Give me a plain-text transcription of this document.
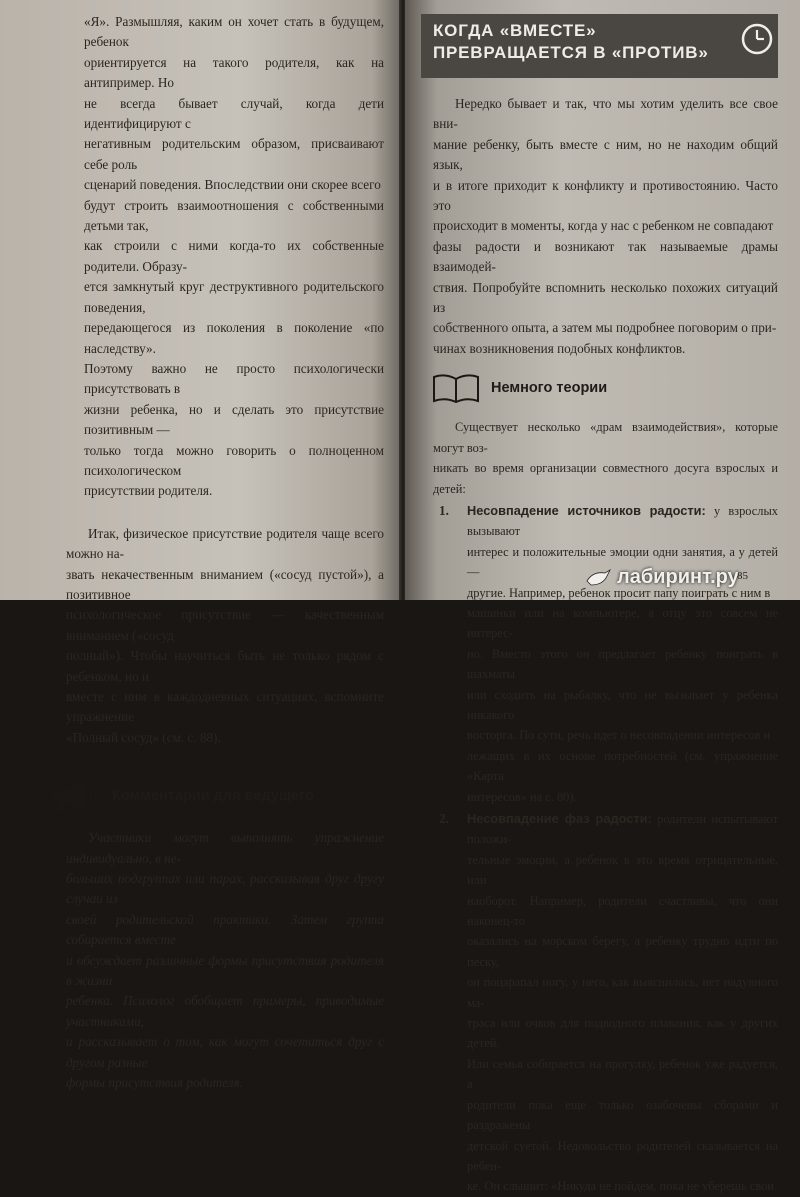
«Я». Размышляя, каким он хочет стать в будущем, ребенок

ориентируется на такого родителя, как на антипример. Но

не всегда бывает случай, когда дети идентифицируют с

негативным родительским образом, присваивают себе роль

сценарий поведения. Впоследствии они скорее всего

будут строить взаимоотношения с собственными детьми так,

как строили с ними когда-то их собственные родители. Образу-

ется замкнутый круг деструктивного родительского поведения,

передающегося из поколения в поколение «по наследству».

Поэтому важно не просто психологически присутствовать в

жизни ребенка, но и сделать это присутствие позитивным —

только тогда можно говорить о полноценном психологическом

присутствии родителя.

Итак, физическое присутствие родителя чаще всего можно на-

звать некачественным вниманием («сосуд пустой»), а позитивное

психологическое присутствие — качественным вниманием («сосуд

полный»). Чтобы научиться быть не только рядом с ребенком, но и

вместе с ним в каждодневных ситуациях, вспомните упражнение

«Полный сосуд» (см. с. 88).

Комментарии для ведущего

Участники могут выполнять упражнение индивидуально, в не-

больших подгруппах или парах, рассказывая друг другу случаи из

своей родительской практики. Затем группа собирается вместе

и обсуждает различные формы присутствия родителя в жизни

ребенка. Психолог обобщает примеры, приводимые участниками,

и рассказывает о том, как могут сочетаться друг с другом разные

формы присутствия родителя.

КОГДА «ВМЕСТЕ»
ПРЕВРАЩАЕТСЯ В «ПРОТИВ»

Нередко бывает и так, что мы хотим уделить все свое вни-

мание ребенку, быть вместе с ним, но не находим общий язык,

и в итоге приходит к конфликту и противостоянию. Часто это

происходит в моменты, когда у нас с ребенком не совпадают

фазы радости и возникают так называемые драмы взаимодей-

ствия. Попробуйте вспомнить несколько похожих ситуаций из

собственного опыта, а затем мы подробнее поговорим о при-

чинах возникновения подобных конфликтов.

Немного теории

Существует несколько «драм взаимодействия», которые могут воз-

никать во время организации совместного досуга взрослых и детей:

1.	Несовпадение источников радости: у взрослых вызывают

интерес и положительные эмоции одни занятия, а у детей —

другие. Например, ребенок просит папу поиграть с ним в

машинки или на компьютере, а отцу это совсем не интерес-

но. Вместо этого он предлагает ребенку поиграть в шахматы

или сходить на рыбалку, что не вызывает у ребенка никакого

восторга. По сути, речь идет о несовпадении интересов и

лежащих в их основе потребностей (см. упражнение «Карта

интересов» на с. 80).

2.	Несовпадение фаз радости: родители испытывают положи-

тельные эмоции, а ребенок в это время отрицательные, или

наоборот. Например, родители счастливы, что они наконец-то

оказались на морском берегу, а ребенку трудно идти по песку,

он поцарапал ногу, у него, как выяснилось, нет надувного ма-

траса или очков для подводного плавания, как у других детей.

Или семья собирается на прогулку, ребенок уже радуется, а

родители пока еще только озабочены сборами и раздражены

детской суетой. Недовольство родителей сказывается на ребен-

ке. Он слышит: «Никуда не пойдем, пока не уберешь свои

лабиринт.ру
85
